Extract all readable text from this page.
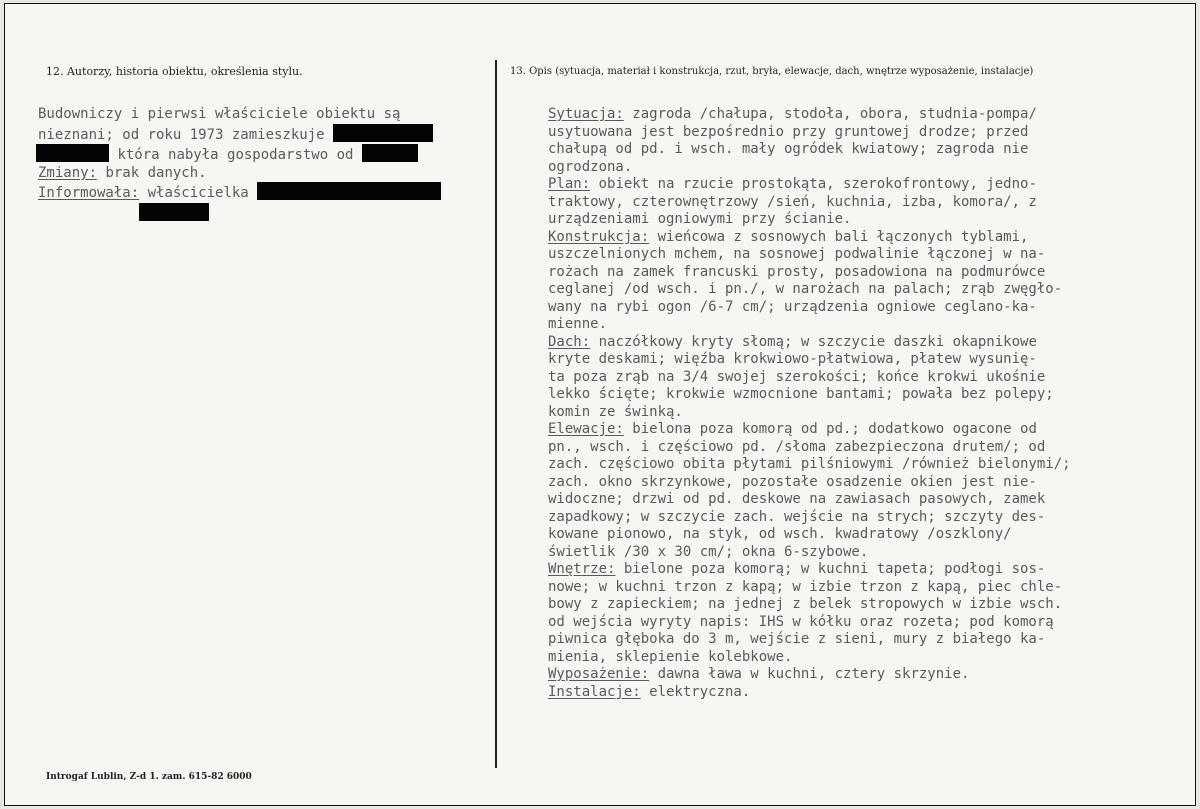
12. Autorzy, historia obiektu, określenia stylu.	13. Opis (sytuacja, materiał i konstrukcja, rzut, bryła, elewacje, dach, wnętrze wyposażenie, instalacje)
Budowniczy i pierwsi właściciele obiektu są
nieznani; od roku 1973 zamieszkuje
która nabyła gospodarstwo od
Zmiany: brak danych.
Informowała: właścicielka

Sytuacja: zagroda /chałupa, stodoła, obora, studnia-pompa/
usytuowana jest bezpośrednio przy gruntowej drodze; przed
chałupą od pd. i wsch. mały ogródek kwiatowy; zagroda nie
ogrodzona.
Plan: obiekt na rzucie prostokąta, szerokofrontowy, jedno-
traktowy, czterownętrzowy /sień, kuchnia, izba, komora/, z
urządzeniami ogniowymi przy ścianie.
Konstrukcja: wieńcowa z sosnowych bali łączonych tyblami,
uszczelnionych mchem, na sosnowej podwalinie łączonej w na-
rożach na zamek francuski prosty, posadowiona na podmurówce
ceglanej /od wsch. i pn./, w narożach na palach; zrąb zwęgło-
wany na rybi ogon /6-7 cm/; urządzenia ogniowe ceglano-ka-
mienne.
Dach: naczółkowy kryty słomą; w szczycie daszki okapnikowe
kryte deskami; więźba krokwiowo-płatwiowa, płatew wysunię-
ta poza zrąb na 3/4 swojej szerokości; końce krokwi ukośnie
lekko ścięte; krokwie wzmocnione bantami; powała bez polepy;
komin ze świnką.
Elewacje: bielona poza komorą od pd.; dodatkowo ogacone od
pn., wsch. i częściowo pd. /słoma zabezpieczona drutem/; od
zach. częściowo obita płytami pilśniowymi /również bielonymi/;
zach. okno skrzynkowe, pozostałe osadzenie okien jest nie-
widoczne; drzwi od pd. deskowe na zawiasach pasowych, zamek
zapadkowy; w szczycie zach. wejście na strych; szczyty des-
kowane pionowo, na styk, od wsch. kwadratowy /oszklony/
świetlik /30 x 30 cm/; okna 6-szybowe.
Wnętrze: bielone poza komorą; w kuchni tapeta; podłogi sos-
nowe; w kuchni trzon z kapą; w izbie trzon z kapą, piec chle-
bowy z zapieckiem; na jednej z belek stropowych w izbie wsch.
od wejścia wyryty napis: IHS w kółku oraz rozeta; pod komorą
piwnica głęboka do 3 m, wejście z sieni, mury z białego ka-
mienia, sklepienie kolebkowe.
Wyposażenie: dawna ława w kuchni, cztery skrzynie.
Instalacje: elektryczna.
Introgaf Lublin, Z-d 1. zam. 615-82 6000
